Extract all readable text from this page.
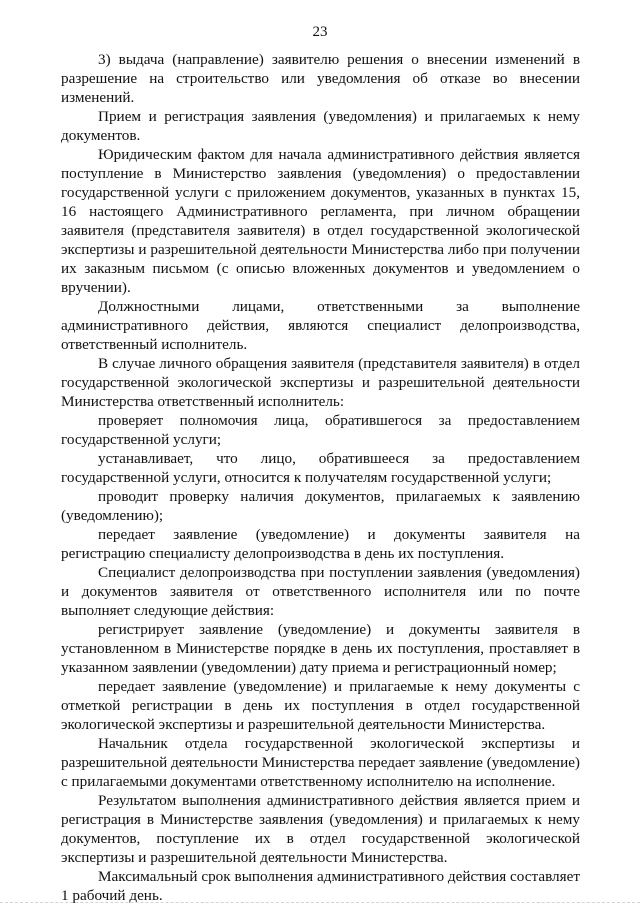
23

3) выдача (направление) заявителю решения о внесении изменений в разрешение на строительство или уведомления об отказе во внесении изменений.

Прием и регистрация заявления (уведомления) и прилагаемых к нему документов.

Юридическим фактом для начала административного действия является поступление в Министерство заявления (уведомления) о предоставлении государственной услуги с приложением документов, указанных в пунктах 15, 16 настоящего Административного регламента, при личном обращении заявителя (представителя заявителя) в отдел государственной экологической экспертизы и разрешительной деятельности Министерства либо при получении их заказным письмом (с описью вложенных документов и уведомлением о вручении).

Должностными лицами, ответственными за выполнение административного действия, являются специалист делопроизводства, ответственный исполнитель.

В случае личного обращения заявителя (представителя заявителя) в отдел государственной экологической экспертизы и разрешительной деятельности Министерства ответственный исполнитель:

проверяет полномочия лица, обратившегося за предоставлением государственной услуги;

устанавливает, что лицо, обратившееся за предоставлением государственной услуги, относится к получателям государственной услуги;

проводит проверку наличия документов, прилагаемых к заявлению (уведомлению);

передает заявление (уведомление) и документы заявителя на регистрацию специалисту делопроизводства в день их поступления.

Специалист делопроизводства при поступлении заявления (уведомления) и документов заявителя от ответственного исполнителя или по почте выполняет следующие действия:

регистрирует заявление (уведомление) и документы заявителя в установленном в Министерстве порядке в день их поступления, проставляет в указанном заявлении (уведомлении) дату приема и регистрационный номер;

передает заявление (уведомление) и прилагаемые к нему документы с отметкой регистрации в день их поступления в отдел государственной экологической экспертизы и разрешительной деятельности Министерства.

Начальник отдела государственной экологической экспертизы и разрешительной деятельности Министерства передает заявление (уведомление) с прилагаемыми документами ответственному исполнителю на исполнение.

Результатом выполнения административного действия является прием и регистрация в Министерстве заявления (уведомления) и прилагаемых к нему документов, поступление их в отдел государственной экологической экспертизы и разрешительной деятельности Министерства.

Максимальный срок выполнения административного действия составляет 1 рабочий день.
